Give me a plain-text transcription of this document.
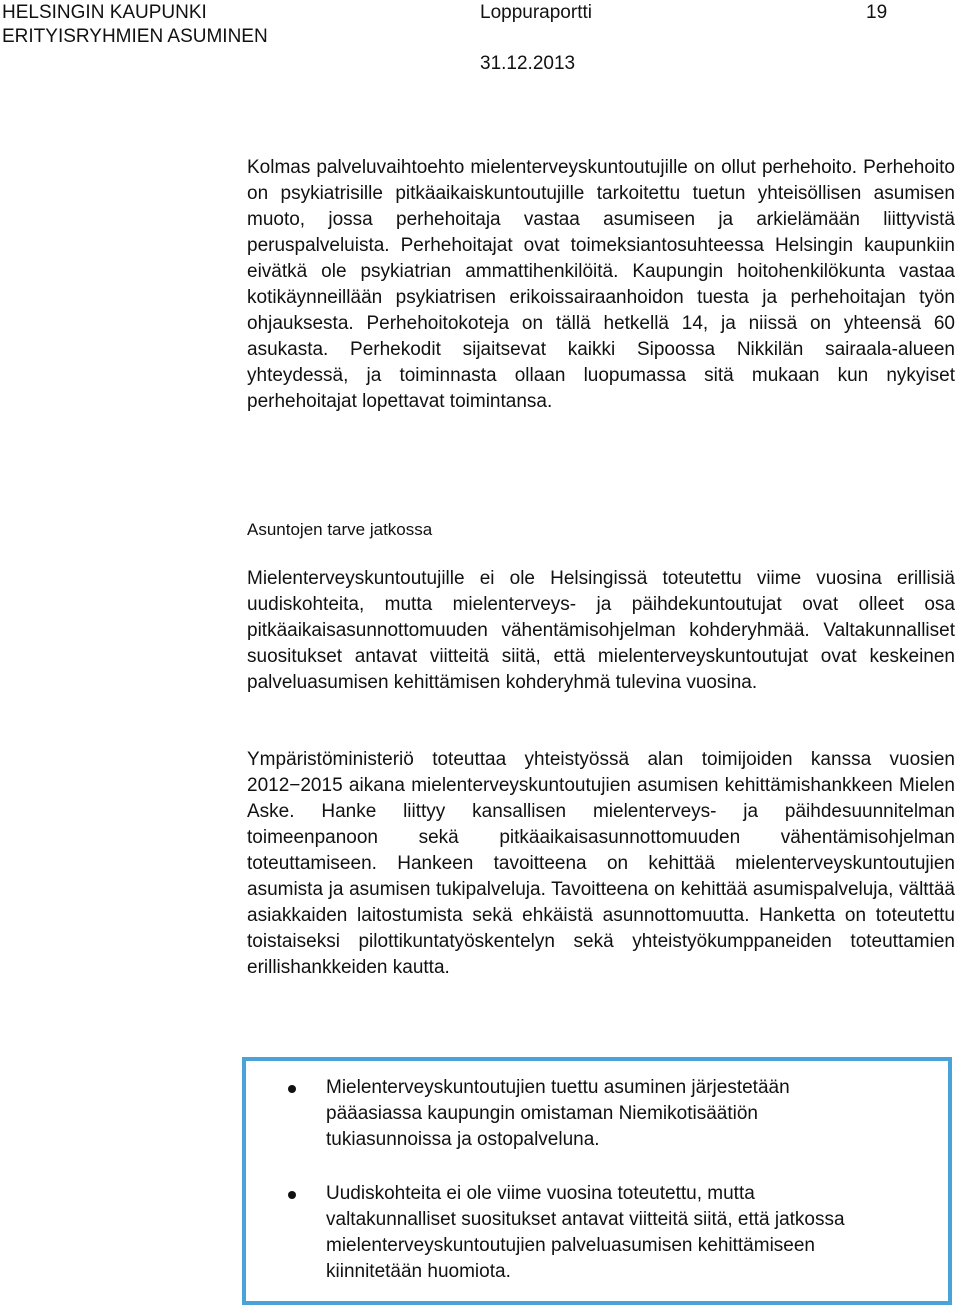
HELSINGIN KAUPUNKI
ERITYISRYHMIEN ASUMINEN
Loppuraportti	19
31.12.2013

Kolmas palveluvaihtoehto mielenterveyskuntoutujille on ollut perhehoito. Perhehoito on psykiatrisille pitkäaikaiskuntoutujille tarkoitettu tuetun yhteisöllisen asumisen muoto, jossa perhehoitaja vastaa asumiseen ja arkielämään liittyvistä peruspalveluista. Perhehoitajat ovat toimeksiantosuhteessa Helsingin kaupunkiin eivätkä ole psykiatrian ammattihenkilöitä. Kaupungin hoitohenkilökunta vastaa kotikäynneillään psykiatrisen erikoissairaanhoidon tuesta ja perhehoitajan työn ohjauksesta. Perhehoitokoteja on tällä hetkellä 14, ja niissä on yhteensä 60 asukasta. Perhekodit sijaitsevat kaikki Sipoossa Nikkilän sairaala-alueen yhteydessä, ja toiminnasta ollaan luopumassa sitä mukaan kun nykyiset perhehoitajat lopettavat toimintansa.

Asuntojen tarve jatkossa

Mielenterveyskuntoutujille ei ole Helsingissä toteutettu viime vuosina erillisiä uudiskohteita, mutta mielenterveys- ja päihdekuntoutujat ovat olleet osa pitkäaikaisasunnottomuuden vähentämisohjelman kohderyhmää. Valtakunnalliset suositukset antavat viitteitä siitä, että mielenterveyskuntoutujat ovat keskeinen palveluasumisen kehittämisen kohderyhmä tulevina vuosina.

Ympäristöministeriö toteuttaa yhteistyössä alan toimijoiden kanssa vuosien 2012−2015 aikana mielenterveyskuntoutujien asumisen kehittämishankkeen Mielen Aske. Hanke liittyy kansallisen mielenterveys- ja päihdesuunnitelman toimeenpanoon sekä pitkäaikaisasunnottomuuden vähentämisohjelman toteuttamiseen. Hankeen tavoitteena on kehittää mielenterveyskuntoutujien asumista ja asumisen tukipalveluja. Tavoitteena on kehittää asumispalveluja, välttää asiakkaiden laitostumista sekä ehkäistä asunnottomuutta. Hanketta on toteutettu toistaiseksi pilottikuntatyöskentelyn sekä yhteistyökumppaneiden toteuttamien erillishankkeiden kautta.

Mielenterveyskuntoutujien tuettu asuminen järjestetään pääasiassa kaupungin omistaman Niemikotisäätiön tukiasunnoissa ja ostopalveluna.
Uudiskohteita ei ole viime vuosina toteutettu, mutta valtakunnalliset suositukset antavat viitteitä siitä, että jatkossa mielenterveyskuntoutujien palveluasumisen kehittämiseen kiinnitetään huomiota.
